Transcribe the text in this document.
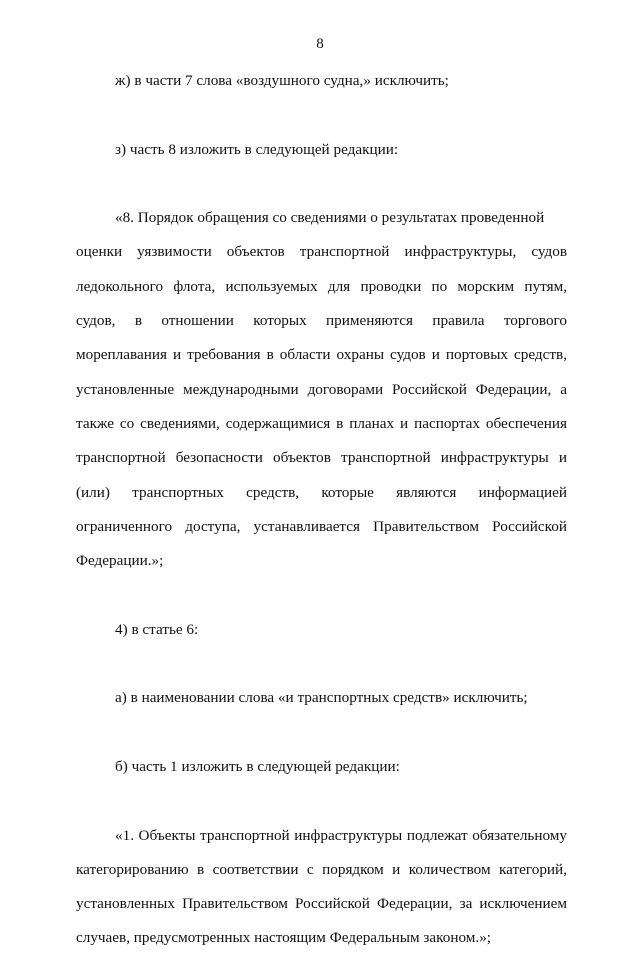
8

ж) в части 7 слова «воздушного судна,» исключить;

з) часть 8 изложить в следующей редакции:

«8. Порядок обращения со сведениями о результатах проведенной
оценки уязвимости объектов транспортной инфраструктуры, судов
ледокольного флота, используемых для проводки по морским путям,
судов, в отношении которых применяются правила торгового
мореплавания и требования в области охраны судов и портовых средств,
установленные международными договорами Российской Федерации, а
также со сведениями, содержащимися в планах и паспортах обеспечения
транспортной безопасности объектов транспортной инфраструктуры и
(или) транспортных средств, которые являются информацией
ограниченного доступа, устанавливается Правительством Российской
Федерации.»;

4) в статье 6:

а) в наименовании слова «и транспортных средств» исключить;

б) часть 1 изложить в следующей редакции:

«1. Объекты транспортной инфраструктуры подлежат обязательному
категорированию в соответствии с порядком и количеством категорий,
установленных Правительством Российской Федерации, за исключением
случаев, предусмотренных настоящим Федеральным законом.»;
